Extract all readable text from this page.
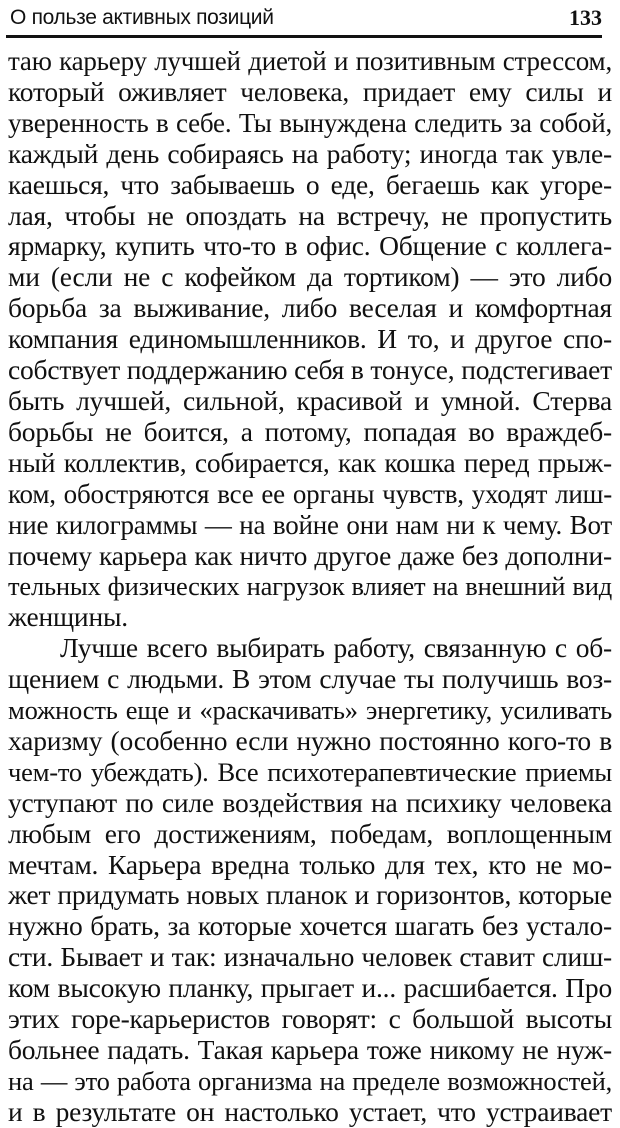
О пользе активных позиций	133

таю карьеру лучшей диетой и позитивным стрессом,
который оживляет человека, придает ему силы и
уверенность в себе. Ты вынуждена следить за собой,
каждый день собираясь на работу; иногда так увле-
каешься, что забываешь о еде, бегаешь как угоре-
лая, чтобы не опоздать на встречу, не пропустить
ярмарку, купить что-то в офис. Общение с коллега-
ми (если не с кофейком да тортиком) — это либо
борьба за выживание, либо веселая и комфортная
компания единомышленников. И то, и другое спо-
собствует поддержанию себя в тонусе, подстегивает
быть лучшей, сильной, красивой и умной. Стерва
борьбы не боится, а потому, попадая во враждеб-
ный коллектив, собирается, как кошка перед прыж-
ком, обостряются все ее органы чувств, уходят лиш-
ние килограммы — на войне они нам ни к чему. Вот
почему карьера как ничто другое даже без дополни-
тельных физических нагрузок влияет на внешний вид
женщины.

Лучше всего выбирать работу, связанную с об-
щением с людьми. В этом случае ты получишь воз-
можность еще и «раскачивать» энергетику, усиливать
харизму (особенно если нужно постоянно кого-то в
чем-то убеждать). Все психотерапевтические приемы
уступают по силе воздействия на психику человека
любым его достижениям, победам, воплощенным
мечтам. Карьера вредна только для тех, кто не мо-
жет придумать новых планок и горизонтов, которые
нужно брать, за которые хочется шагать без устало-
сти. Бывает и так: изначально человек ставит слиш-
ком высокую планку, прыгает и... расшибается. Про
этих горе-карьеристов говорят: с большой высоты
больнее падать. Такая карьера тоже никому не нуж-
на — это работа организма на пределе возможностей,
и в результате он настолько устает, что устраивает
